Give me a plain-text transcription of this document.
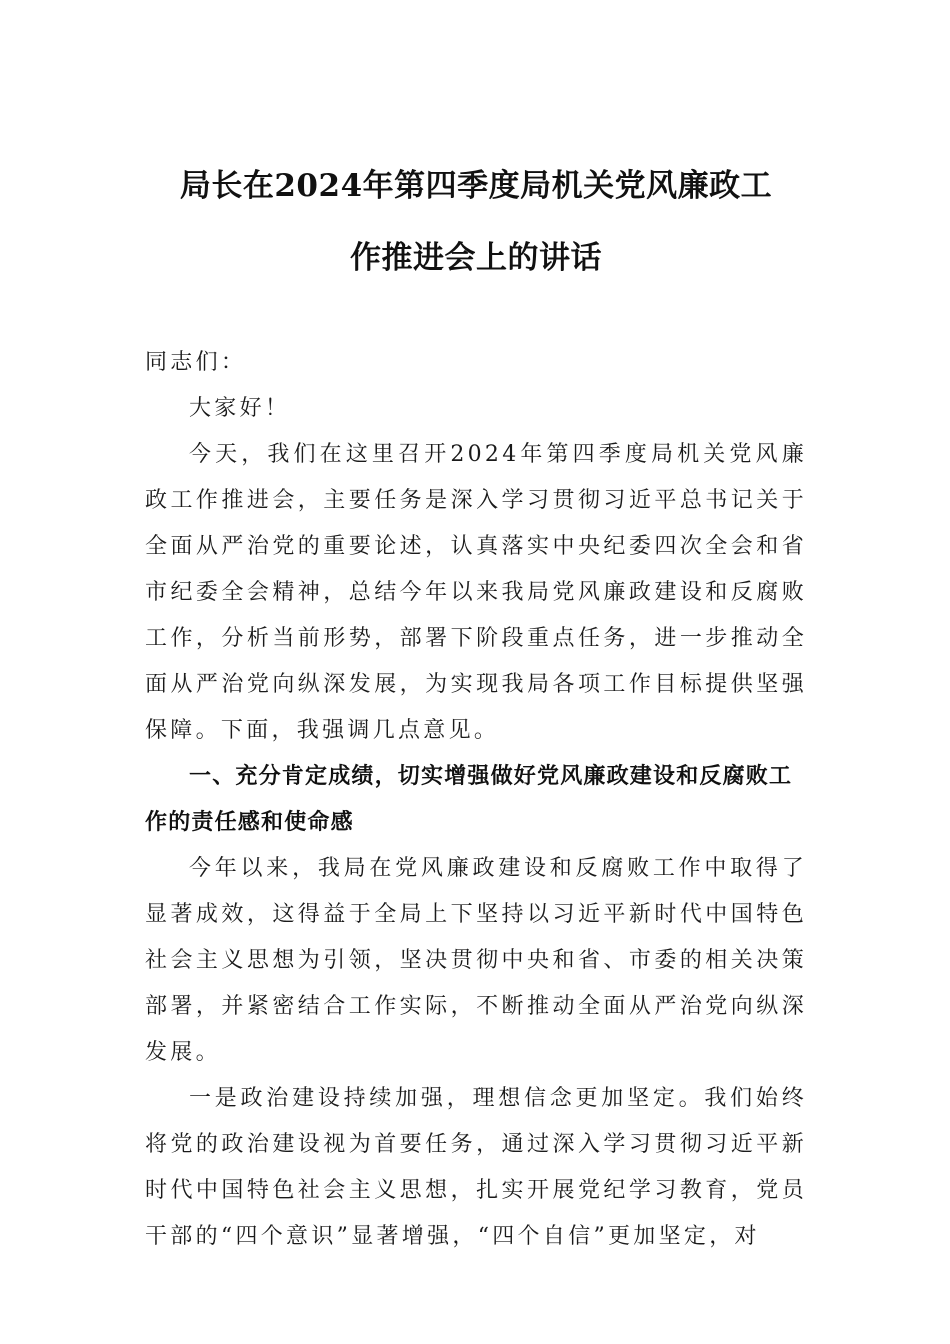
局长在2024年第四季度局机关党风廉政工
作推进会上的讲话

同志们：

大家好！

今天，我们在这里召开2024年第四季度局机关党风廉政工作推进会，主要任务是深入学习贯彻习近平总书记关于全面从严治党的重要论述，认真落实中央纪委四次全会和省市纪委全会精神，总结今年以来我局党风廉政建设和反腐败工作，分析当前形势，部署下阶段重点任务，进一步推动全面从严治党向纵深发展，为实现我局各项工作目标提供坚强保障。下面，我强调几点意见。

一、充分肯定成绩，切实增强做好党风廉政建设和反腐败工作的责任感和使命感

今年以来，我局在党风廉政建设和反腐败工作中取得了显著成效，这得益于全局上下坚持以习近平新时代中国特色社会主义思想为引领，坚决贯彻中央和省、市委的相关决策部署，并紧密结合工作实际，不断推动全面从严治党向纵深发展。

一是政治建设持续加强，理想信念更加坚定。我们始终将党的政治建设视为首要任务，通过深入学习贯彻习近平新时代中国特色社会主义思想，扎实开展党纪学习教育，党员干部的“四个意识”显著增强，“四个自信”更加坚定，对
